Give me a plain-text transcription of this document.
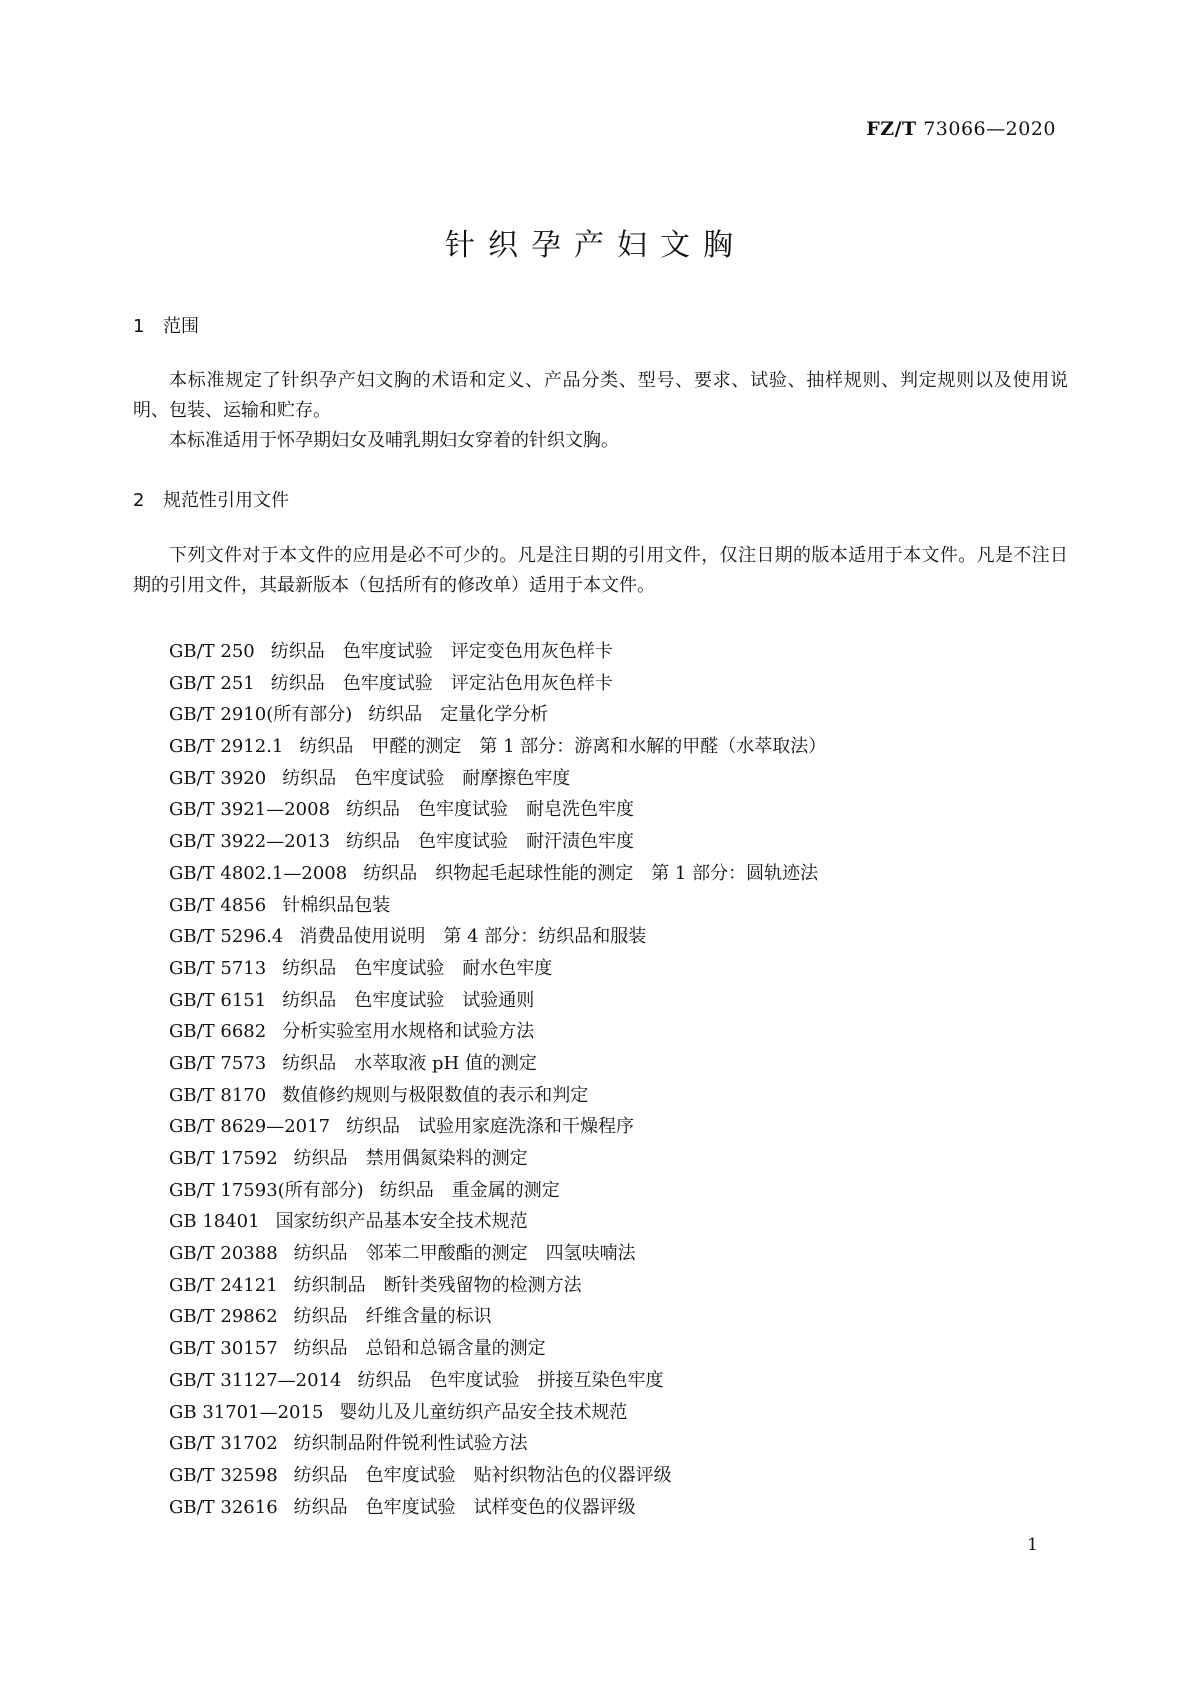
FZ/T 73066—2020
针织孕产妇文胸
1 范围

本标准规定了针织孕产妇文胸的术语和定义、产品分类、型号、要求、试验、抽样规则、判定规则以及使用说明、包装、运输和贮存。

本标准适用于怀孕期妇女及哺乳期妇女穿着的针织文胸。

2 规范性引用文件

下列文件对于本文件的应用是必不可少的。凡是注日期的引用文件，仅注日期的版本适用于本文件。凡是不注日期的引用文件，其最新版本（包括所有的修改单）适用于本文件。

GB/T 250 纺织品　色牢度试验　评定变色用灰色样卡
GB/T 251 纺织品　色牢度试验　评定沾色用灰色样卡
GB/T 2910(所有部分) 纺织品　定量化学分析
GB/T 2912.1 纺织品　甲醛的测定　第 1 部分：游离和水解的甲醛（水萃取法）
GB/T 3920 纺织品　色牢度试验　耐摩擦色牢度
GB/T 3921—2008 纺织品　色牢度试验　耐皂洗色牢度
GB/T 3922—2013 纺织品　色牢度试验　耐汗渍色牢度
GB/T 4802.1—2008 纺织品　织物起毛起球性能的测定　第 1 部分：圆轨迹法
GB/T 4856 针棉织品包装
GB/T 5296.4 消费品使用说明　第 4 部分：纺织品和服装
GB/T 5713 纺织品　色牢度试验　耐水色牢度
GB/T 6151 纺织品　色牢度试验　试验通则
GB/T 6682 分析实验室用水规格和试验方法
GB/T 7573 纺织品　水萃取液 pH 值的测定
GB/T 8170 数值修约规则与极限数值的表示和判定
GB/T 8629—2017 纺织品　试验用家庭洗涤和干燥程序
GB/T 17592 纺织品　禁用偶氮染料的测定
GB/T 17593(所有部分) 纺织品　重金属的测定
GB 18401 国家纺织产品基本安全技术规范
GB/T 20388 纺织品　邻苯二甲酸酯的测定　四氢呋喃法
GB/T 24121 纺织制品　断针类残留物的检测方法
GB/T 29862 纺织品　纤维含量的标识
GB/T 30157 纺织品　总铅和总镉含量的测定
GB/T 31127—2014 纺织品　色牢度试验　拼接互染色牢度
GB 31701—2015 婴幼儿及儿童纺织产品安全技术规范
GB/T 31702 纺织制品附件锐利性试验方法
GB/T 32598 纺织品　色牢度试验　贴衬织物沾色的仪器评级
GB/T 32616 纺织品　色牢度试验　试样变色的仪器评级
1
